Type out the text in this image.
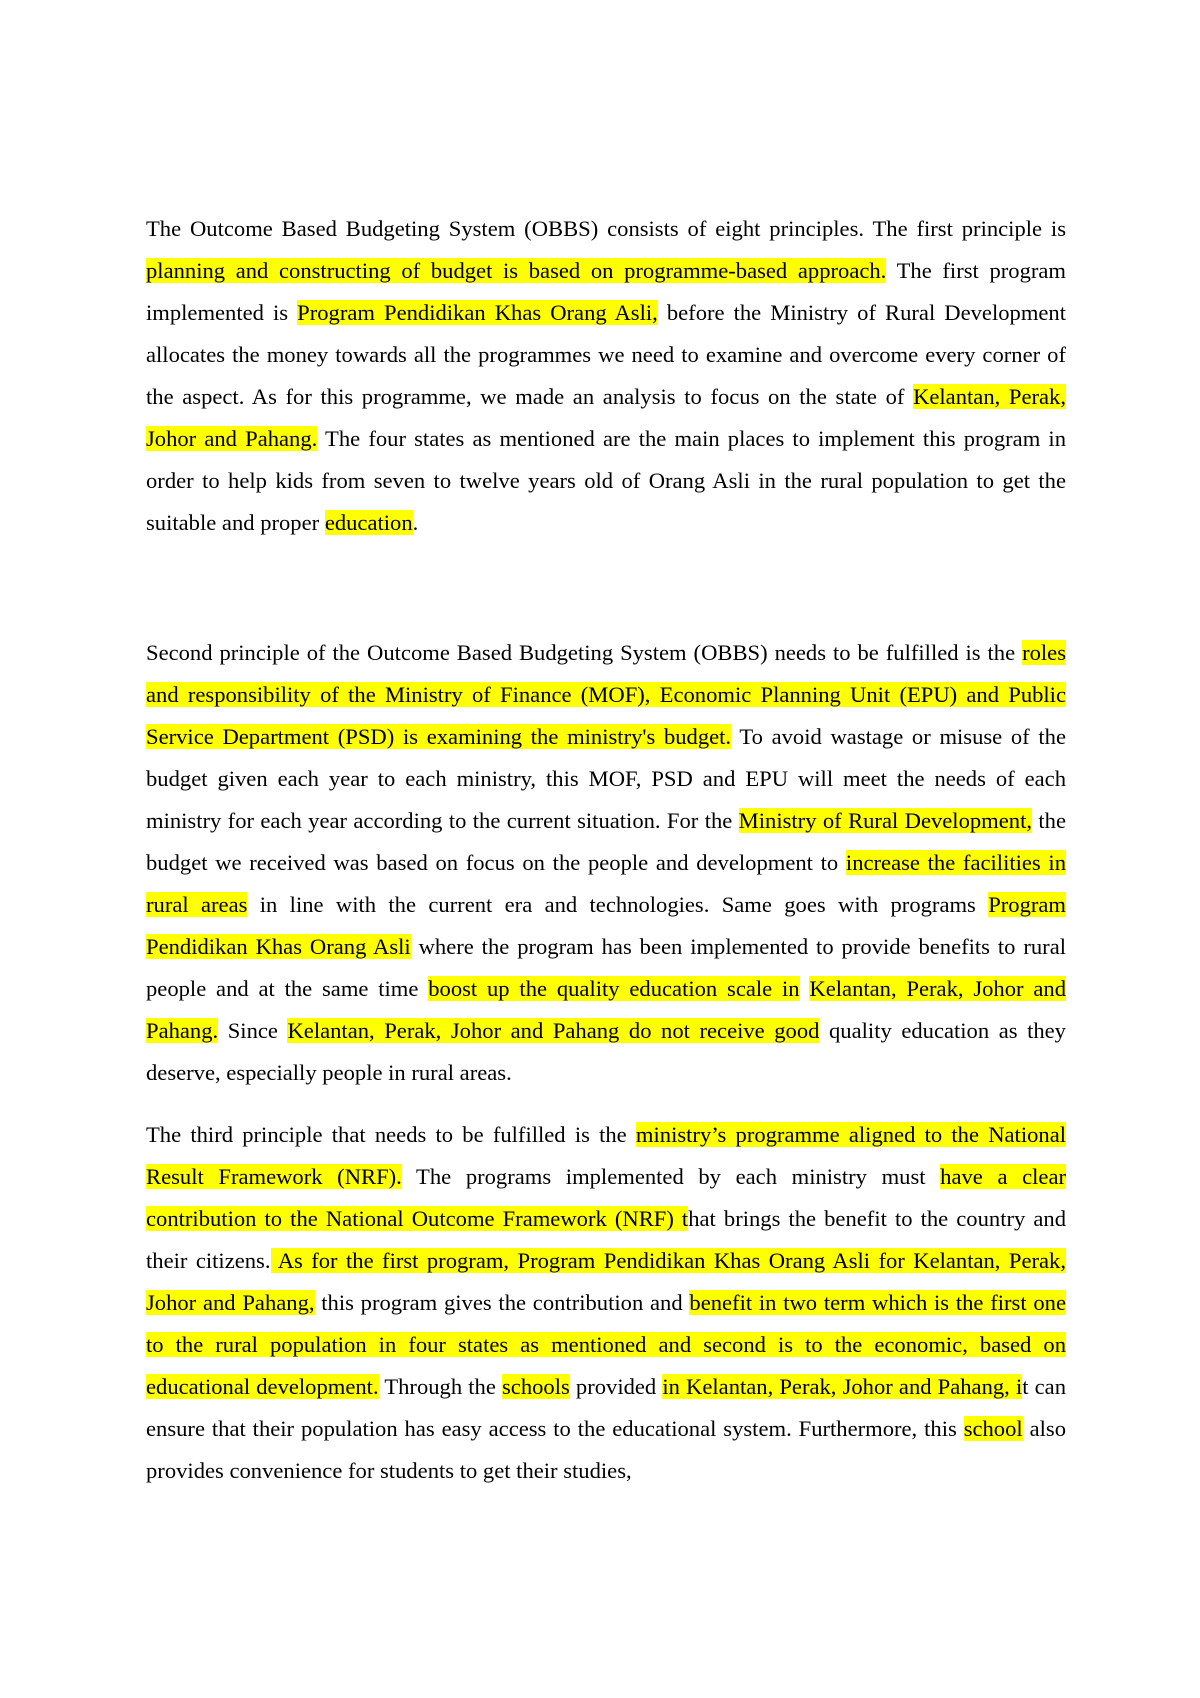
The Outcome Based Budgeting System (OBBS) consists of eight principles. The first principle is planning and constructing of budget is based on programme-based approach. The first program implemented is Program Pendidikan Khas Orang Asli, before the Ministry of Rural Development allocates the money towards all the programmes we need to examine and overcome every corner of the aspect. As for this programme, we made an analysis to focus on the state of Kelantan, Perak, Johor and Pahang. The four states as mentioned are the main places to implement this program in order to help kids from seven to twelve years old of Orang Asli in the rural population to get the suitable and proper education.

Second principle of the Outcome Based Budgeting System (OBBS) needs to be fulfilled is the roles and responsibility of the Ministry of Finance (MOF), Economic Planning Unit (EPU) and Public Service Department (PSD) is examining the ministry's budget. To avoid wastage or misuse of the budget given each year to each ministry, this MOF, PSD and EPU will meet the needs of each ministry for each year according to the current situation. For the Ministry of Rural Development, the budget we received was based on focus on the people and development to increase the facilities in rural areas in line with the current era and technologies. Same goes with programs Program Pendidikan Khas Orang Asli where the program has been implemented to provide benefits to rural people and at the same time boost up the quality education scale in Kelantan, Perak, Johor and Pahang. Since Kelantan, Perak, Johor and Pahang do not receive good quality education as they deserve, especially people in rural areas.

The third principle that needs to be fulfilled is the ministry’s programme aligned to the National Result Framework (NRF). The programs implemented by each ministry must have a clear contribution to the National Outcome Framework (NRF) that brings the benefit to the country and their citizens. As for the first program, Program Pendidikan Khas Orang Asli for Kelantan, Perak, Johor and Pahang, this program gives the contribution and benefit in two term which is the first one to the rural population in four states as mentioned and second is to the economic, based on educational development. Through the schools provided in Kelantan, Perak, Johor and Pahang, it can ensure that their population has easy access to the educational system. Furthermore, this school also provides convenience for students to get their studies,
